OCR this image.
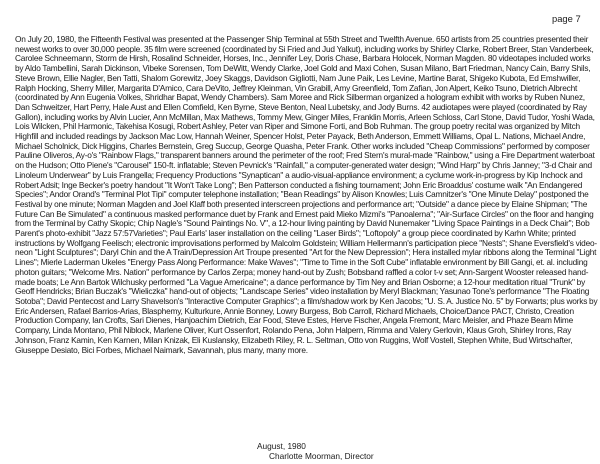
page 7

On July 20, 1980, the Fifteenth Festival was presented at the Passenger Ship Terminal at 55th Street and Twelfth Avenue. 650 artists from 25 countries presented their newest works to over 30,000 people. 35 film were screened (coordinated by Si Fried and Jud Yalkut), including works by Shirley Clarke, Robert Breer, Stan Vanderbeek, Carolee Schneemann, Storm de Hirsh, Rosalind Schneider, Horses, Inc., Jennifer Ley, Doris Chase, Barbara Holocek, Norman Magden. 80 videotapes included works by Aldo Tambellini, Sarah Dickinson, Vibeke Sorensen, Tom DeWitt, Wendy Clarke, Joel Gold and Maxi Cohen, Susan Milano, Bart Friedman, Nancy Cain, Barry Shils, Steve Brown, Ellie Nagler, Ben Tatti, Shalom Gorewitz, Joey Skaggs, Davidson Gigliotti, Nam June Paik, Les Levine, Martine Barat, Shigeko Kubota, Ed Emshwiller, Ralph Hocking, Sherry Miller, Margarita D'Amico, Cara DeVito, Jeffrey Kleinman, Vin Grabill, Amy Greenfield, Tom Zafian, Jon Alpert, Keiko Tsuno, Dietrich Albrecht (coordinated by Ann Eugenia Volkes, Shridhar Bapat, Wendy Chambers). Sam Moree and Rick Silberman organized a hologram exhibit with works by Ruben Nunez, Dan Schweitzer, Hart Perry, Hale Aust and Ellen Comfield, Ken Byrne, Steve Benton, Neal Lubetsky, and Jody Burns. 42 audiotapes were played (coordinated by Ray Gallon), including works by Alvin Lucier, Ann McMillan, Max Mathews, Tommy Mew, Ginger Miles, Franklin Morris, Arleen Schloss, Carl Stone, David Tudor, Yoshi Wada, Lois Wilcken, Phil Harmonic, Takehisa Kosugi, Robert Ashley, Peter van Riper and Simone Forti, and Bob Ruhman. The group poetry recital was organized by Mitch Highfill and included readings by Jackson Mac Low, Hannah Weiner, Spencer Holst, Peter Payack, Beth Anderson, Emmett Williams, Opal L. Nations, Michael Andre, Michael Scholnick, Dick Higgins, Charles Bernstein, Greg Succup, George Quasha, Peter Frank. Other works included "Cheap Commissions" performed by composer Pauline Oliveros, Ay-o's "Rainbow Flags," transparent banners around the perimeter of the roof; Fred Stern's mural-made "Rainbow," using a Fire Department waterboat on the Hudson; Otto Piene's "Carousel" 150-ft. inflatable; Steven Pevnick's "Rainfall," a computer-generated water design; "Wind Harp" by Chris Janney; "3-d Chair and Linoleum Underwear" by Luis Frangella; Frequency Productions "Synaptican" a audio-visual-appliance environment; a cyclume work-in-progress by Kip Inchock and Robert Adsit; Inge Becker's poetry handout "It Won't Take Long"; Ben Patterson conducted a fishing tournament; John Eric Broaddus' costume walk "An Endangered Species"; Andor Orand's "Terminal Plot Tipi" computer telephone installation; "Bean Readings" by Alison Knowles; Luis Camnitzer's "One Minute Delay" postponed the Festival by one minute; Norman Magden and Joel Klaff both presented interscreen projections and performance art; "Outside" a dance piece by Elaine Shipman; "The Future Can Be Simulated" a continuous masked performance duet by Frank and Ernest paid Mieko Mizmi's "Panoalerna"; "Air-Surface Circles" on the floor and hanging from the Terminal by Cathy Skopic; Chip Nagle's "Sound Paintings No. V", a 12-hour living painting by David Nunemaker "Living Space Paintings in a Deck Chair"; Bob Parent's photo-exhibit "Jazz 57:57Varieties"; Paul Earls' laser installation on the ceiling "Laser Birds"; "Loftopoly" a group piece coordinated by Karhn White; printed instructions by Wolfgang Feelisch; electronic improvisations performed by Malcolm Goldstein; William Hellermann's participation piece "Nests"; Shane Eversfield's video-neon "Light Sculptures"; Daryl Chin and the A Train/Depression Art Troupe presented "Art for the New Depression"; Hera installed mylar ribbons along the Terminal "Light Lines"; Mierle Laderman Ukeles "Energy Pass Along Performance: Make Waves"; "Time to Time in the Soft Cube" inflatable environment by Bill Gangi, et. al. including photon guitars; "Welcome Mrs. Nation" performance by Carlos Zerpa; money hand-out by Zush; Bobsband raffled a color t-v set; Ann-Sargent Wooster released hand-made boats; Le Ann Bartok Wilchusky performed "La Vague Americaine"; a dance performance by Tim Ney and Brian Osborne; a 12-hour meditation ritual "Trunk" by Geoff Hendricks; Brian Buczak's "Wieliczka" hand-out of objects; "Landscape Series" video installation by Meryl Blackman; Yasunao Tone's performance "The Floating Sotoba"; David Pentecost and Larry Shavelson's "Interactive Computer Graphics"; a film/shadow work by Ken Jacobs; "U. S. A. Justice No. 5" by Forwarts; plus works by Eric Andersen, Rafael Barrios-Arias, Blasphemy, Kulturkure, Annie Bonney, Lowry Burgess, Bob Carroll, Richard Michaels, Choice/Dance PACT, Christo, Creation Production Company, Ian Crofts, Sari Dienes, Hanjoachim Dietrich, Ear Food, Steve Estes, Herve Fischer, Angela Fremont, Marc Meisler, and Phaze Beam Mime Company, Linda Montano, Phil Niblock, Marlene Oliver, Kurt Ossenfort, Rolando Pena, John Halpern, Rimma and Valery Gerlovin, Klaus Groh, Shirley Irons, Ray Johnson, Franz Kamin, Ken Karnen, Milan Knizak, Eli Kuslansky, Elizabeth Riley, R. L. Seltman, Otto von Ruggins, Wolf Vostell, Stephen White, Bud Wirtschafter, Giuseppe Desiato, Bici Forbes, Michael Naimark, Savannah, plus many, many more.

August, 1980
Charlotte Moorman, Director
